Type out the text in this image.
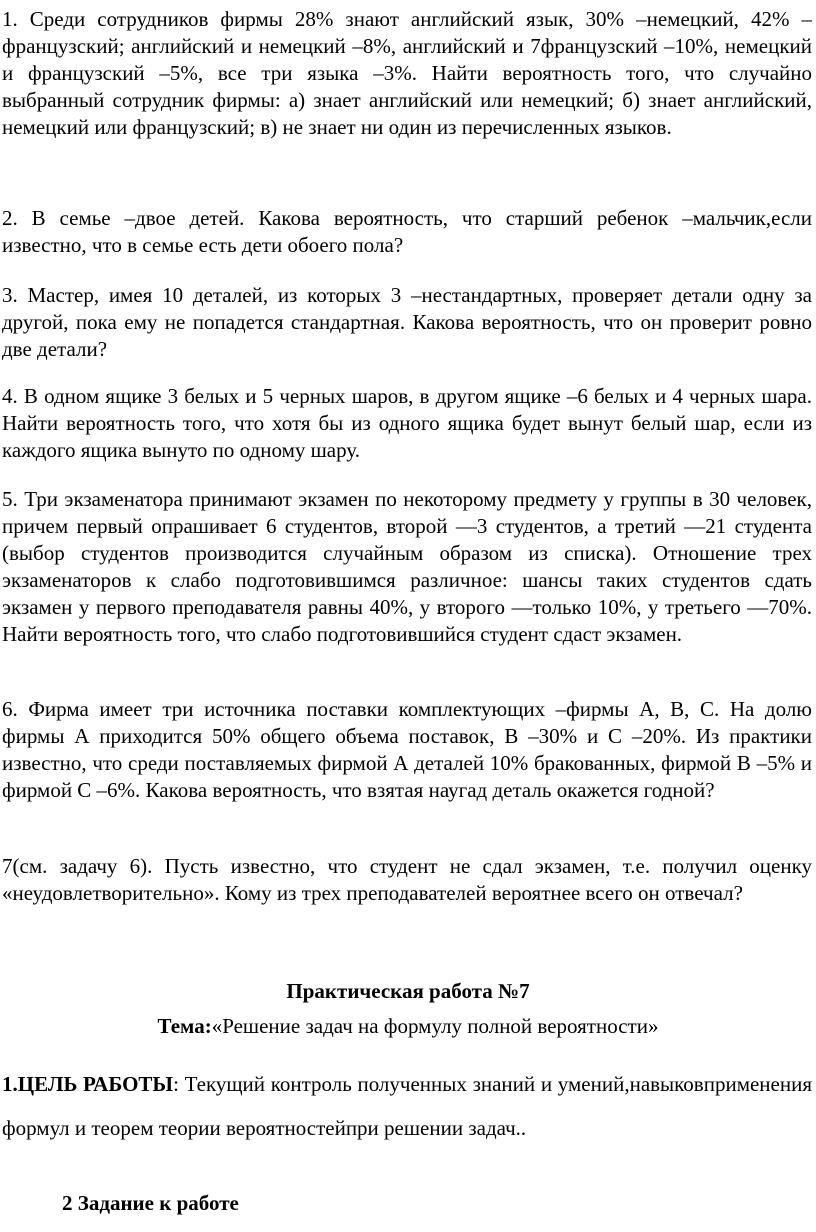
1. Среди сотрудников фирмы 28% знают английский язык, 30% –немецкий, 42% –французский; английский и немецкий –8%, английский и 7французский –10%, немецкий и французский –5%, все три языка –3%. Найти вероятность того, что случайно выбранный сотрудник фирмы: а) знает английский или немецкий; б) знает английский, немецкий или французский; в) не знает ни один из перечисленных языков.

2. В семье –двое детей. Какова вероятность, что старший ребенок –мальчик,если известно, что в семье есть дети обоего пола?

3. Мастер, имея 10 деталей, из которых 3 –нестандартных, проверяет детали одну за другой, пока ему не попадется стандартная. Какова вероятность, что он проверит ровно две детали?

4. В одном ящике 3 белых и 5 черных шаров, в другом ящике –6 белых и 4 черных шара. Найти вероятность того, что хотя бы из одного ящика будет вынут белый шар, если из каждого ящика вынуто по одному шару.

5. Три экзаменатора принимают экзамен по некоторому предмету у группы в 30 человек, причем первый опрашивает 6 студентов, второй —3 студентов, а третий —21 студента (выбор студентов производится случайным образом из списка). Отношение трех экзаменаторов к слабо подготовившимся различное: шансы таких студентов сдать экзамен у первого преподавателя равны 40%, у второго —только 10%, у третьего —70%. Найти вероятность того, что слабо подготовившийся студент сдаст экзамен.

6. Фирма имеет три источника поставки комплектующих –фирмы А, B, C. На долю фирмы А приходится 50% общего объема поставок, В –30% и С –20%. Из практики известно, что среди поставляемых фирмой А деталей 10% бракованных, фирмой В –5% и фирмой С –6%. Какова вероятность, что взятая наугад деталь окажется годной?

7(см. задачу 6). Пусть известно, что студент не сдал экзамен, т.е. получил оценку «неудовлетворительно». Кому из трех преподавателей вероятнее всего он отвечал?

Практическая работа №7

Тема:«Решение задач на формулу полной вероятности»

1.ЦЕЛЬ РАБОТЫ: Текущий контроль полученных знаний и умений,навыковприменения формул и теорем теории вероятностейпри решении задач..

2 Задание к работе
